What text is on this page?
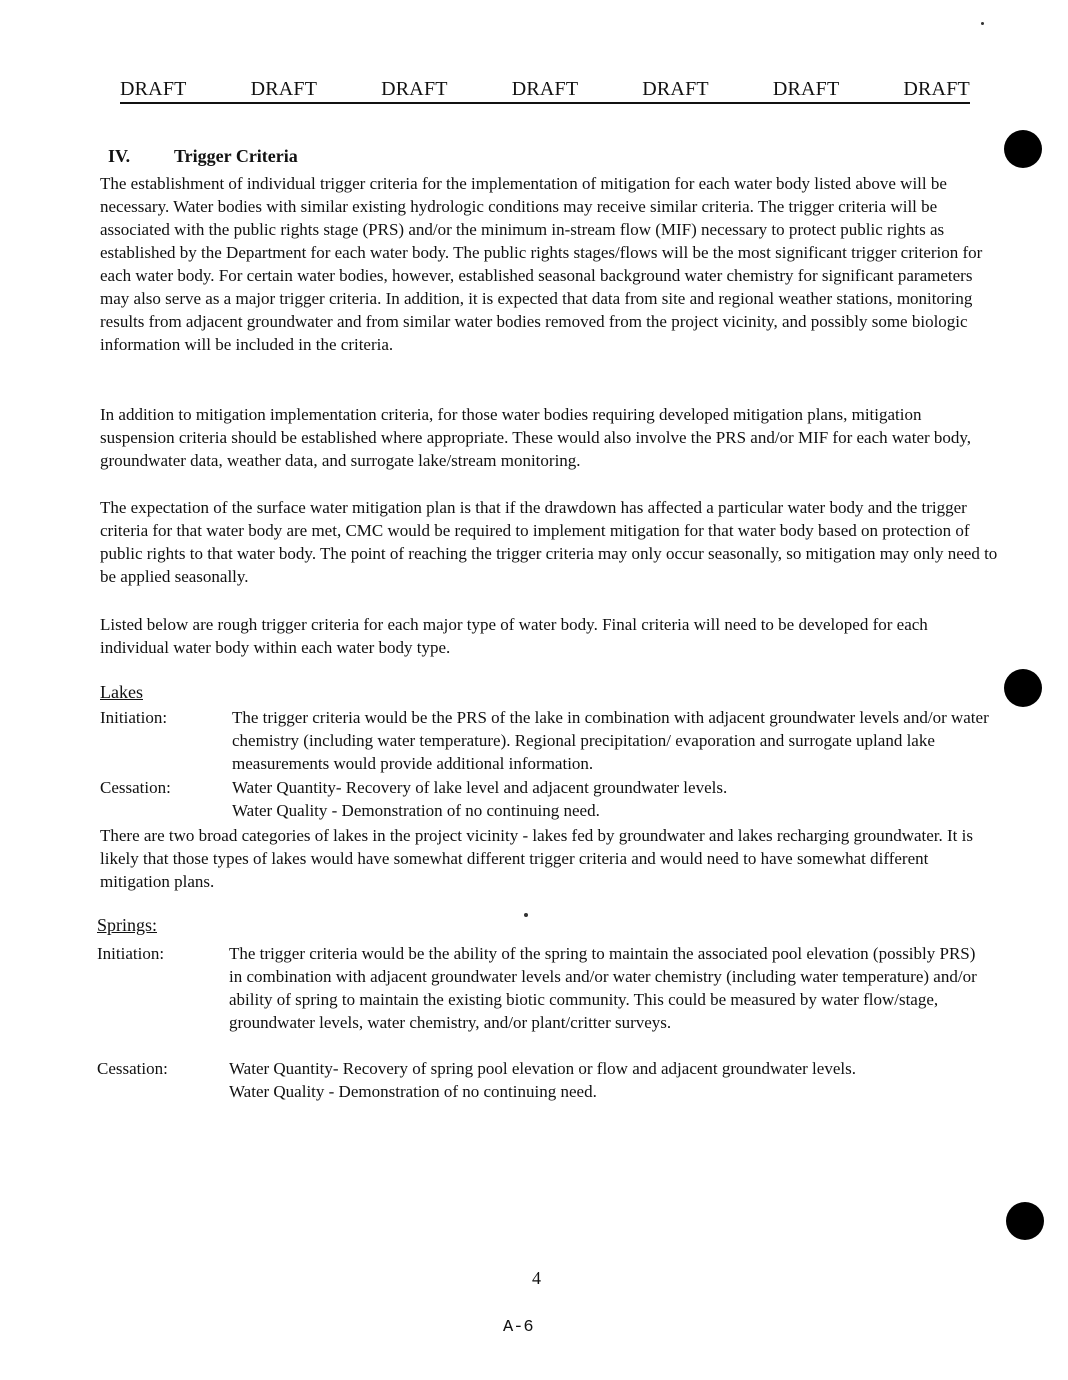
DRAFT	DRAFT	DRAFT	DRAFT	DRAFT	DRAFT	DRAFT
IV. Trigger Criteria
The establishment of individual trigger criteria for the implementation of mitigation for each water body listed above will be necessary. Water bodies with similar existing hydrologic conditions may receive similar criteria. The trigger criteria will be associated with the public rights stage (PRS) and/or the minimum in-stream flow (MIF) necessary to protect public rights as established by the Department for each water body. The public rights stages/flows will be the most significant trigger criterion for each water body. For certain water bodies, however, established seasonal background water chemistry for significant parameters may also serve as a major trigger criteria. In addition, it is expected that data from site and regional weather stations, monitoring results from adjacent groundwater and from similar water bodies removed from the project vicinity, and possibly some biologic information will be included in the criteria.
In addition to mitigation implementation criteria, for those water bodies requiring developed mitigation plans, mitigation suspension criteria should be established where appropriate. These would also involve the PRS and/or MIF for each water body, groundwater data, weather data, and surrogate lake/stream monitoring.
The expectation of the surface water mitigation plan is that if the drawdown has affected a particular water body and the trigger criteria for that water body are met, CMC would be required to implement mitigation for that water body based on protection of public rights to that water body. The point of reaching the trigger criteria may only occur seasonally, so mitigation may only need to be applied seasonally.
Listed below are rough trigger criteria for each major type of water body. Final criteria will need to be developed for each individual water body within each water body type.
Lakes
Initiation:	The trigger criteria would be the PRS of the lake in combination with adjacent groundwater levels and/or water chemistry (including water temperature). Regional precipitation/ evaporation and surrogate upland lake measurements would provide additional information.
Cessation:	Water Quantity- Recovery of lake level and adjacent groundwater levels.
Water Quality - Demonstration of no continuing need.
There are two broad categories of lakes in the project vicinity - lakes fed by groundwater and lakes recharging groundwater. It is likely that those types of lakes would have somewhat different trigger criteria and would need to have somewhat different mitigation plans.
Springs:
Initiation:	The trigger criteria would be the ability of the spring to maintain the associated pool elevation (possibly PRS) in combination with adjacent groundwater levels and/or water chemistry (including water temperature) and/or ability of spring to maintain the existing biotic community. This could be measured by water flow/stage, groundwater levels, water chemistry, and/or plant/critter surveys.
Cessation:	Water Quantity- Recovery of spring pool elevation or flow and adjacent groundwater levels.
Water Quality - Demonstration of no continuing need.
4
A-6
